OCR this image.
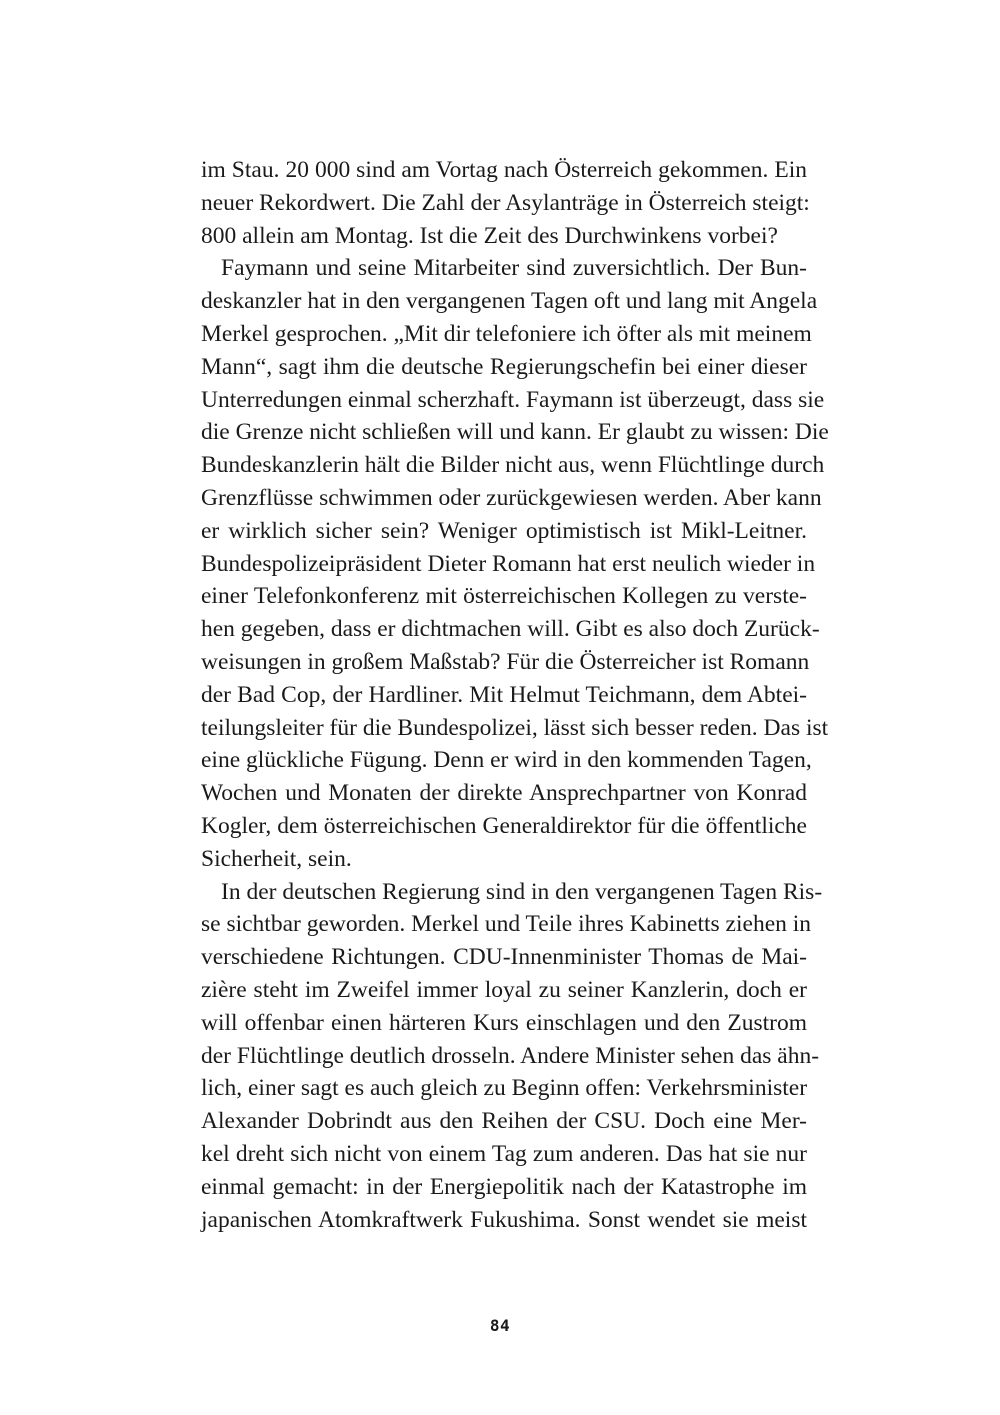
im Stau. 20 000 sind am Vortag nach Österreich gekommen. Ein
neuer Rekordwert. Die Zahl der Asylanträge in Österreich steigt:
800 allein am Montag. Ist die Zeit des Durchwinkens vorbei?
Faymann und seine Mitarbeiter sind zuversichtlich. Der Bun-
deskanzler hat in den vergangenen Tagen oft und lang mit Angela
Merkel gesprochen. „Mit dir telefoniere ich öfter als mit meinem
Mann“, sagt ihm die deutsche Regierungschefin bei einer dieser
Unterredungen einmal scherzhaft. Faymann ist überzeugt, dass sie
die Grenze nicht schließen will und kann. Er glaubt zu wissen: Die
Bundeskanzlerin hält die Bilder nicht aus, wenn Flüchtlinge durch
Grenzflüsse schwimmen oder zurückgewiesen werden. Aber kann
er wirklich sicher sein? Weniger optimistisch ist Mikl-Leitner.
Bundespolizeipräsident Dieter Romann hat erst neulich wieder in
einer Telefonkonferenz mit österreichischen Kollegen zu verste-
hen gegeben, dass er dichtmachen will. Gibt es also doch Zurück-
weisungen in großem Maßstab? Für die Österreicher ist Romann
der Bad Cop, der Hardliner. Mit Helmut Teichmann, dem Abtei-
teilungsleiter für die Bundespolizei, lässt sich besser reden. Das ist
eine glückliche Fügung. Denn er wird in den kommenden Tagen,
Wochen und Monaten der direkte Ansprechpartner von Konrad
Kogler, dem österreichischen Generaldirektor für die öffentliche
Sicherheit, sein.
In der deutschen Regierung sind in den vergangenen Tagen Ris-
se sichtbar geworden. Merkel und Teile ihres Kabinetts ziehen in
verschiedene Richtungen. CDU-Innenminister Thomas de Mai-
zière steht im Zweifel immer loyal zu seiner Kanzlerin, doch er
will offenbar einen härteren Kurs einschlagen und den Zustrom
der Flüchtlinge deutlich drosseln. Andere Minister sehen das ähn-
lich, einer sagt es auch gleich zu Beginn offen: Verkehrsminister
Alexander Dobrindt aus den Reihen der CSU. Doch eine Mer-
kel dreht sich nicht von einem Tag zum anderen. Das hat sie nur
einmal gemacht: in der Energiepolitik nach der Katastrophe im
japanischen Atomkraftwerk Fukushima. Sonst wendet sie meist
84
